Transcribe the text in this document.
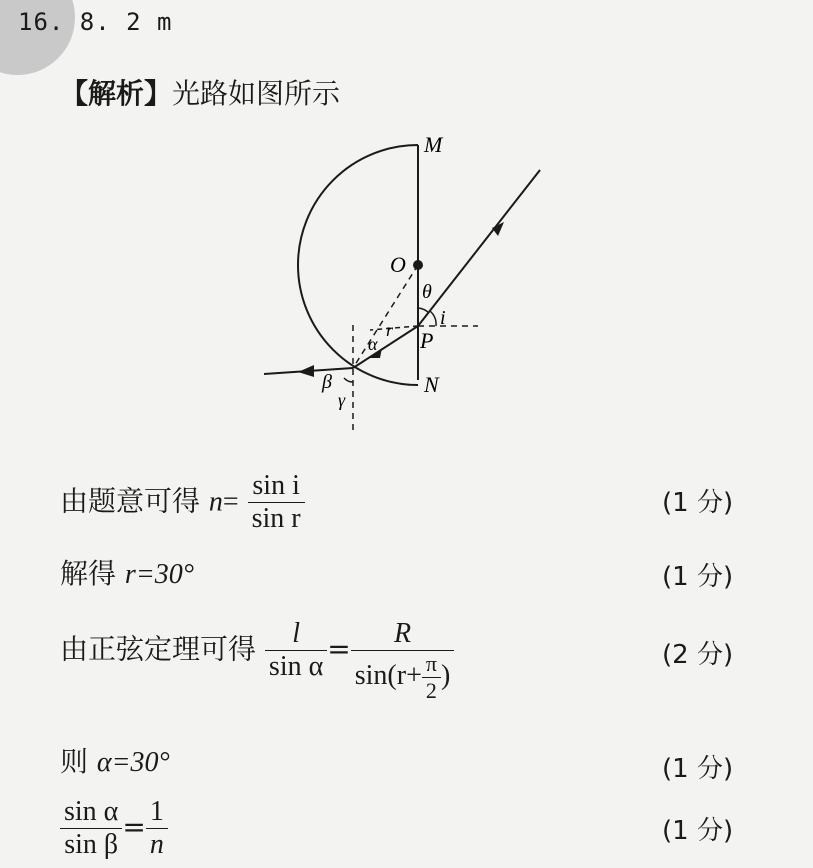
16. 8. 2 m
【解析】光路如图所示
M
N
O
P
θ
i
r
α
β
γ
由题意可得 $n= \frac{\text{sin i}}{\text{sin r}}$	(1 分)
解得 r=30°	(1 分)
由正弦定理可得 $\frac{l}{\text{sin α}} = \frac{R}{\sin(r+ \frac{\pi}{2} )}$	(2 分)
则 α=30°	(1 分)
$\frac{\text{sin α}}{\text{sin β}} = \frac{1}{n}$	(1 分)
